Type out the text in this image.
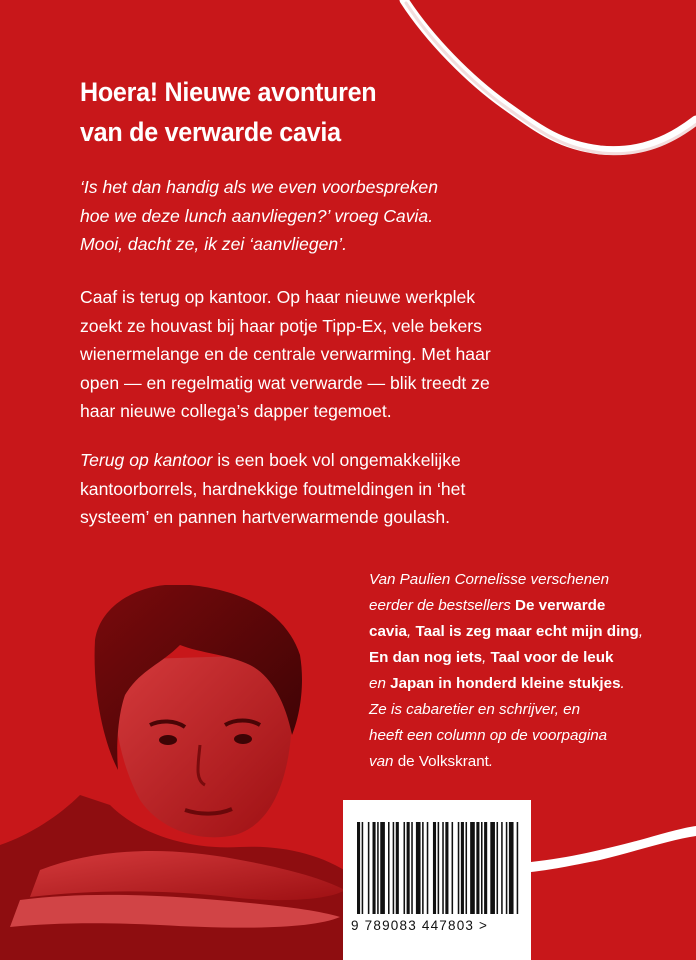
Hoera! Nieuwe avonturen
van de verwarde cavia

‘Is het dan handig als we even voorbespreken
hoe we deze lunch aanvliegen?’ vroeg Cavia.
Mooi, dacht ze, ik zei ‘aanvliegen’.

Caaf is terug op kantoor. Op haar nieuwe werkplek
zoekt ze houvast bij haar potje Tipp-Ex, vele bekers
wienermelange en de centrale verwarming. Met haar
open — en regelmatig wat verwarde — blik treedt ze
haar nieuwe collega’s dapper tegemoet.

Terug op kantoor is een boek vol ongemakkelijke
kantoorborrels, hardnekkige foutmeldingen in ‘het
systeem’ en pannen hartverwarmende goulash.

Van Paulien Cornelisse verschenen
eerder de bestsellers De verwarde
cavia, Taal is zeg maar echt mijn ding,
En dan nog iets, Taal voor de leuk
en Japan in honderd kleine stukjes.
Ze is cabaretier en schrijver, en
heeft een column op de voorpagina
van de Volkskrant.
9 789083 447803 >
